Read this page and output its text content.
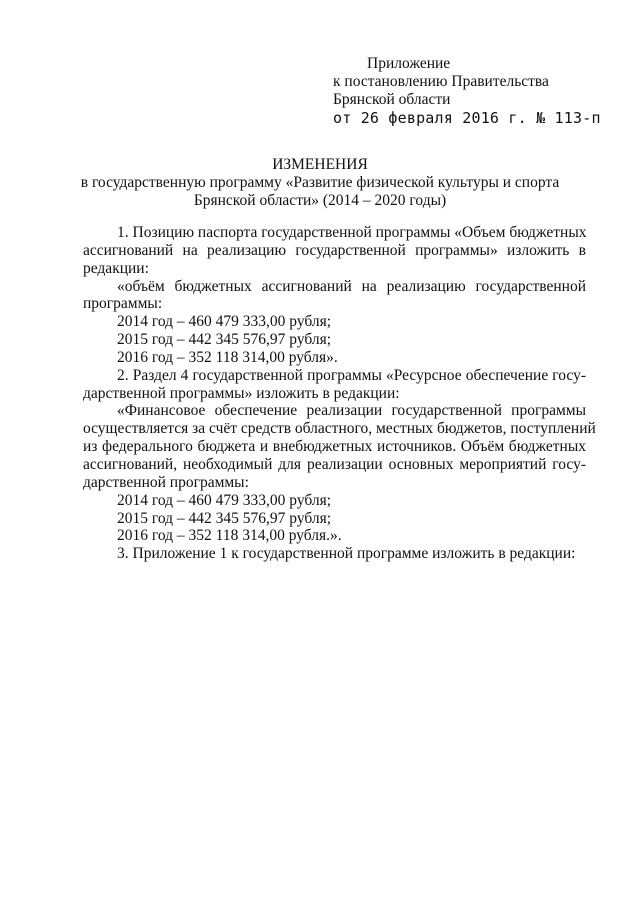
Приложение
к постановлению Правительства
Брянской области
от 26 февраля 2016 г. № 113-п
ИЗМЕНЕНИЯ
в государственную программу «Развитие физической культуры и спорта
Брянской области» (2014 – 2020 годы)
1. Позицию паспорта государственной программы «Объем бюджетных
ассигнований на реализацию государственной программы» изложить в
редакции:
«объём бюджетных ассигнований на реализацию государственной
программы:
2014 год – 460 479 333,00 рубля;
2015 год – 442 345 576,97 рубля;
2016 год – 352 118 314,00 рубля».
2. Раздел 4 государственной программы «Ресурсное обеспечение госу-
дарственной программы» изложить в редакции:
«Финансовое обеспечение реализации государственной программы
осуществляется за счёт средств областного, местных бюджетов, поступлений
из федерального бюджета и внебюджетных источников. Объём бюджетных
ассигнований, необходимый для реализации основных мероприятий госу-
дарственной программы:
2014 год – 460 479 333,00 рубля;
2015 год – 442 345 576,97 рубля;
2016 год – 352 118 314,00 рубля.».
3. Приложение 1 к государственной программе изложить в редакции:
